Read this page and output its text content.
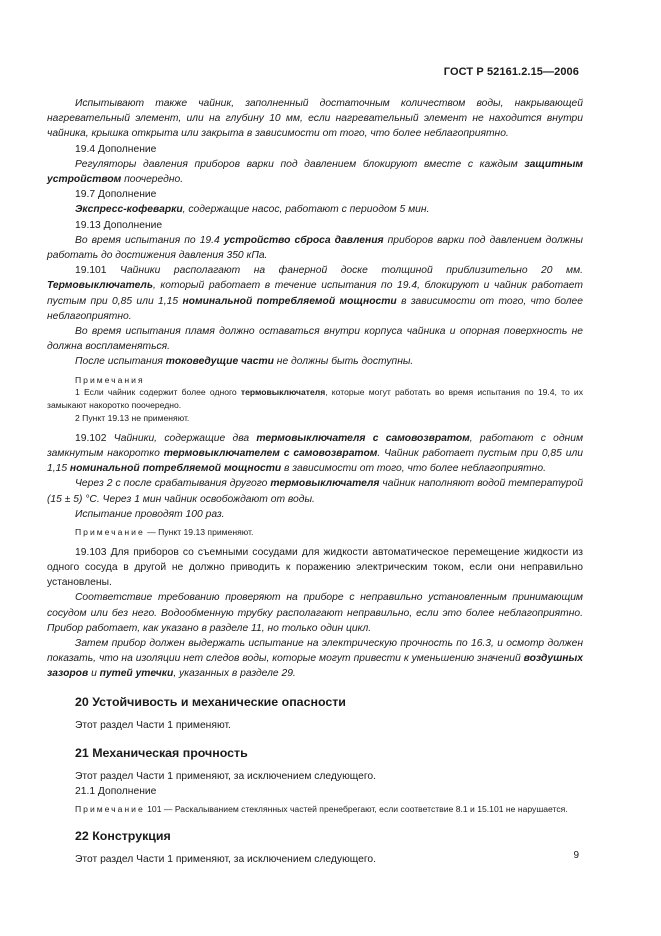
ГОСТ Р 52161.2.15—2006

Испытывают также чайник, заполненный достаточным количеством воды, накрывающей нагревательный элемент, или на глубину 10 мм, если нагревательный элемент не находится внутри чайника, крышка открыта или закрыта в зависимости от того, что более неблагоприятно.

19.4 Дополнение

Регуляторы давления приборов варки под давлением блокируют вместе с каждым защитным устройством поочередно.

19.7 Дополнение

Экспресс-кофеварки, содержащие насос, работают с периодом 5 мин.

19.13 Дополнение

Во время испытания по 19.4 устройство сброса давления приборов варки под давлением должны работать до достижения давления 350 кПа.

19.101 Чайники располагают на фанерной доске толщиной приблизительно 20 мм. Термовыключатель, который работает в течение испытания по 19.4, блокируют и чайник работает пустым при 0,85 или 1,15 номинальной потребляемой мощности в зависимости от того, что более неблагоприятно.

Во время испытания пламя должно оставаться внутри корпуса чайника и опорная поверхность не должна воспламеняться.

После испытания токоведущие части не должны быть доступны.

Примечания

1 Если чайник содержит более одного термовыключателя, которые могут работать во время испытания по 19.4, то их замыкают накоротко поочередно.

2 Пункт 19.13 не применяют.

19.102 Чайники, содержащие два термовыключателя с самовозвратом, работают с одним замкнутым накоротко термовыключателем с самовозвратом. Чайник работает пустым при 0,85 или 1,15 номинальной потребляемой мощности в зависимости от того, что более неблагоприятно.

Через 2 с после срабатывания другого термовыключателя чайник наполняют водой температурой (15 ± 5) °С. Через 1 мин чайник освобождают от воды.

Испытание проводят 100 раз.

Примечание — Пункт 19.13 применяют.

19.103 Для приборов со съемными сосудами для жидкости автоматическое перемещение жидкости из одного сосуда в другой не должно приводить к поражению электрическим током, если они неправильно установлены.

Соответствие требованию проверяют на приборе с неправильно установленным принимающим сосудом или без него. Водообменную трубку располагают неправильно, если это более неблагоприятно. Прибор работает, как указано в разделе 11, но только один цикл.

Затем прибор должен выдержать испытание на электрическую прочность по 16.3, и осмотр должен показать, что на изоляции нет следов воды, которые могут привести к уменьшению значений воздушных зазоров и путей утечки, указанных в разделе 29.

20 Устойчивость и механические опасности

Этот раздел Части 1 применяют.

21 Механическая прочность

Этот раздел Части 1 применяют, за исключением следующего.

21.1 Дополнение

Примечание 101 — Раскалыванием стеклянных частей пренебрегают, если соответствие 8.1 и 15.101 не нарушается.

22 Конструкция

Этот раздел Части 1 применяют, за исключением следующего.	9
